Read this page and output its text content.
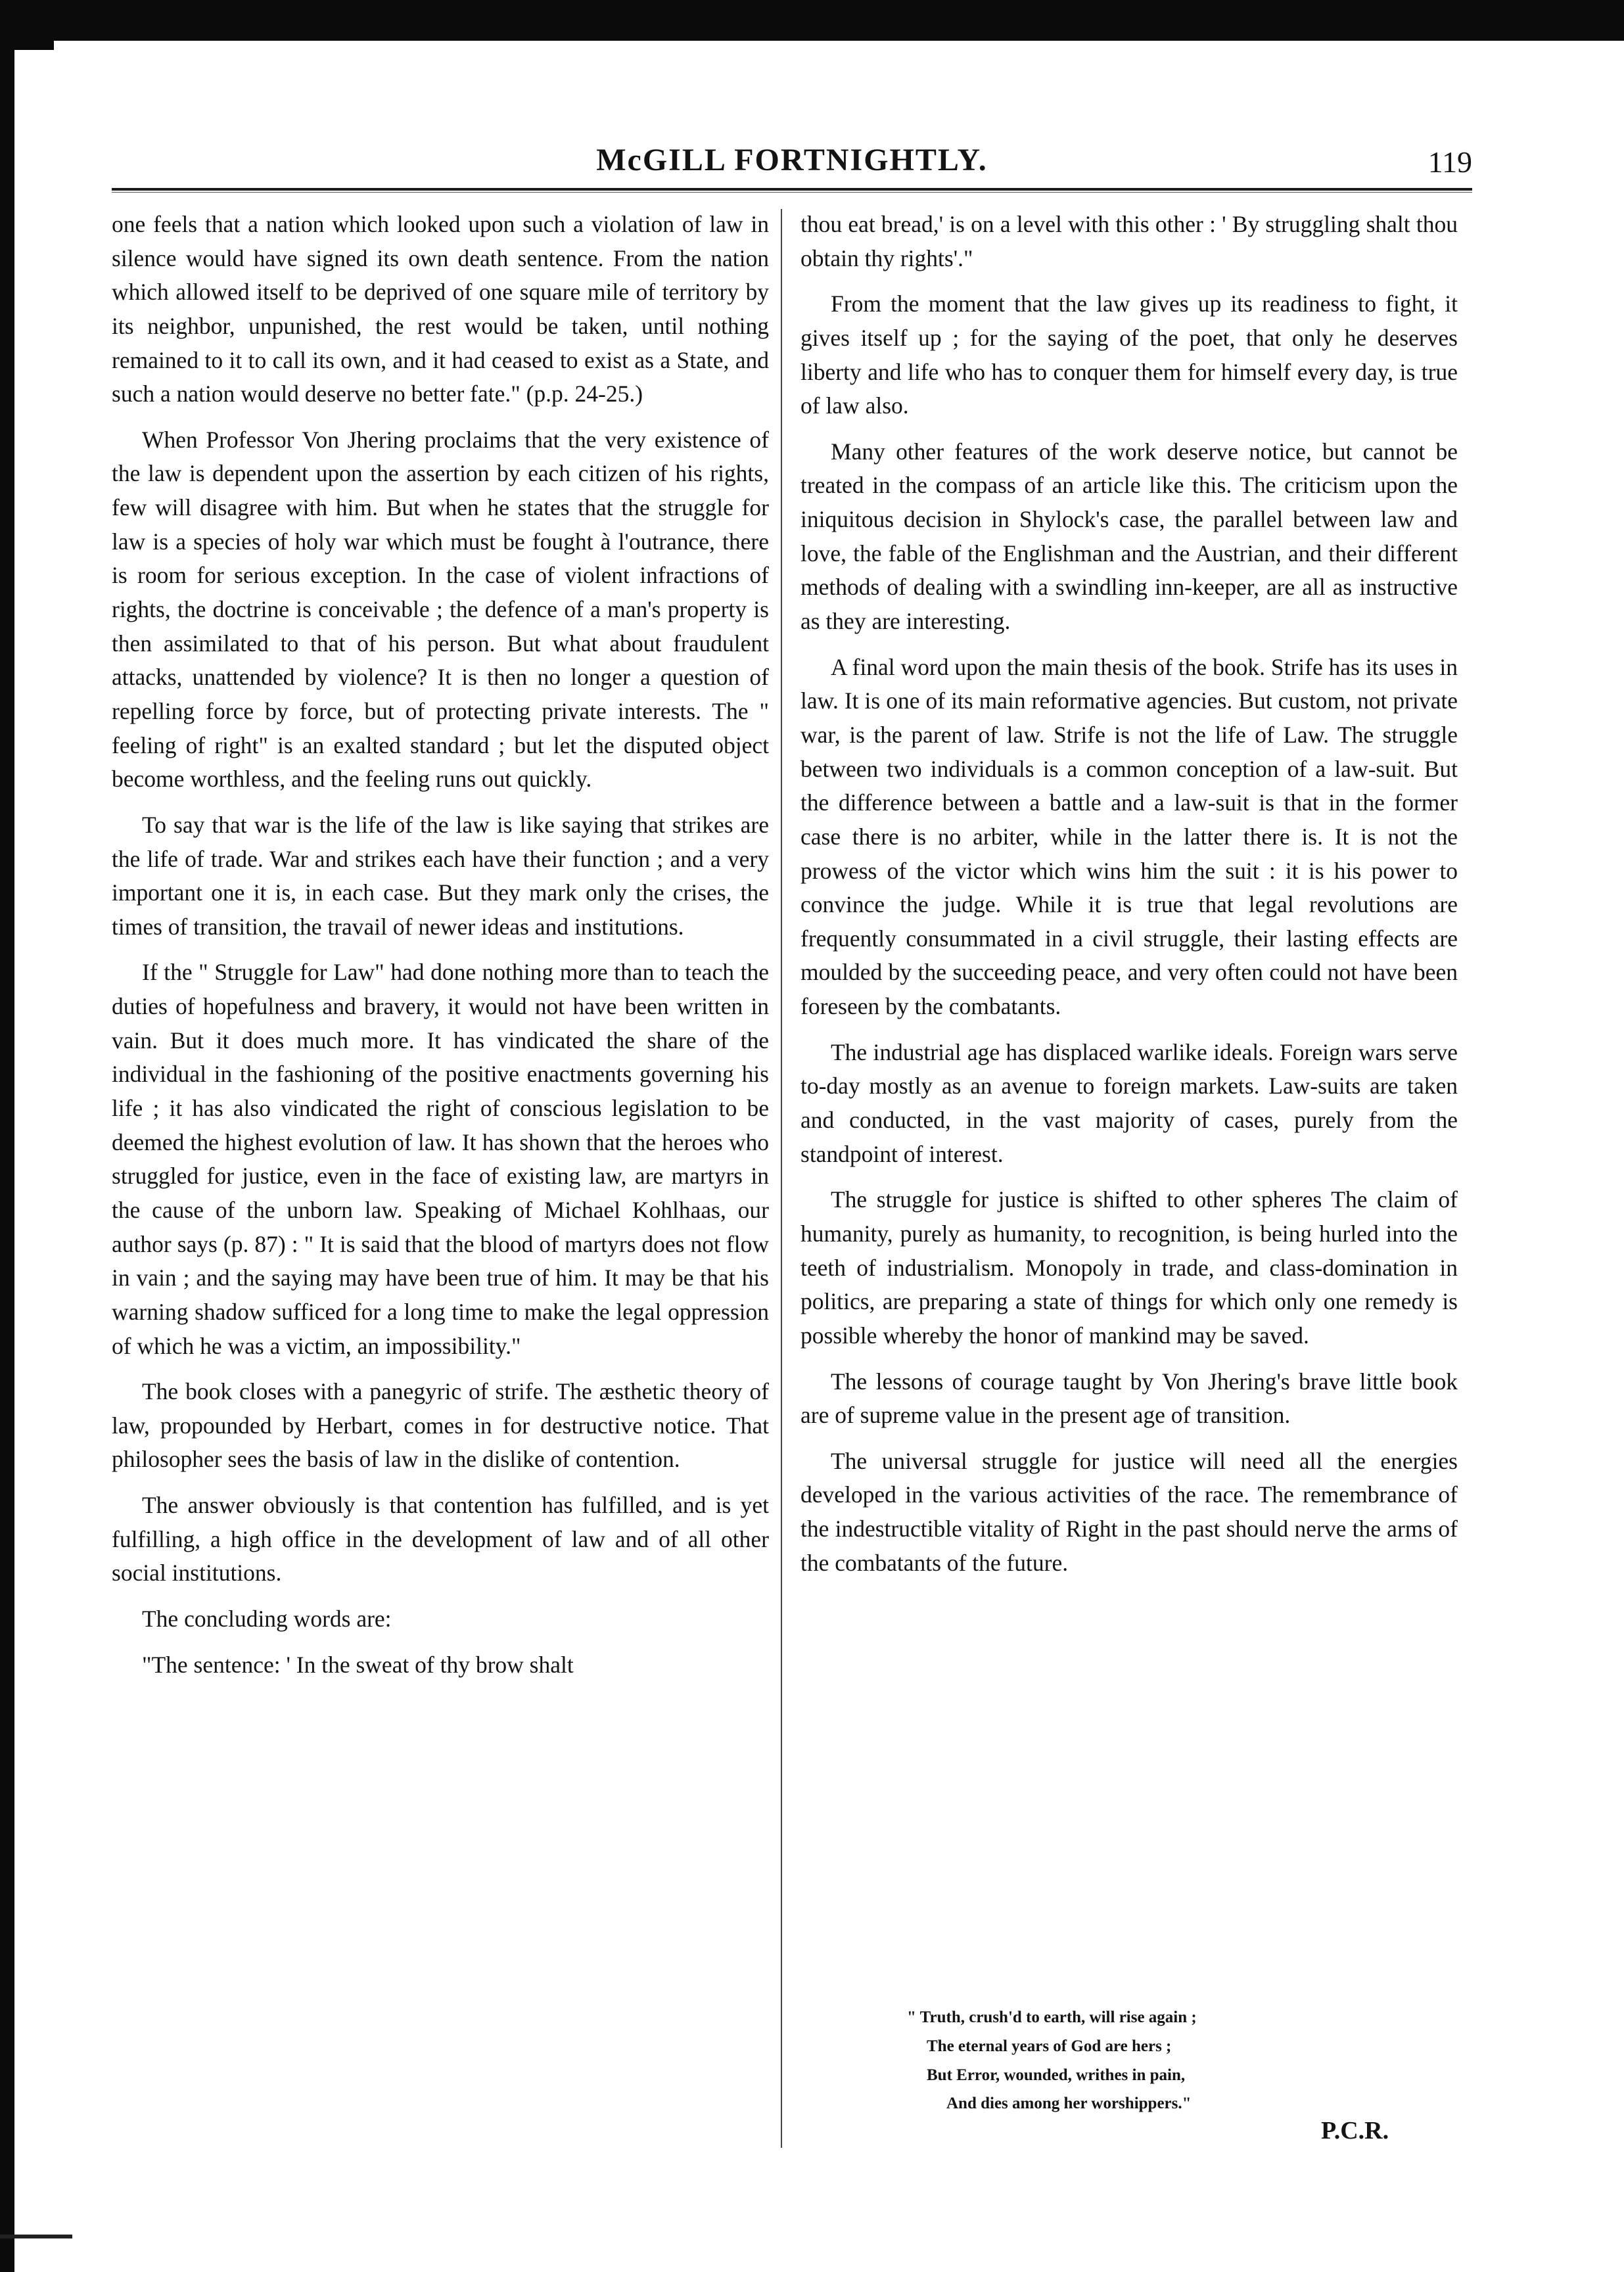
McGILL FORTNIGHTLY.	119

one feels that a nation which looked upon such a violation of law in silence would have signed its own death sentence. From the nation which allowed itself to be deprived of one square mile of territory by its neighbor, unpunished, the rest would be taken, until nothing remained to it to call its own, and it had ceased to exist as a State, and such a nation would deserve no better fate." (p.p. 24-25.)

When Professor Von Jhering proclaims that the very existence of the law is dependent upon the assertion by each citizen of his rights, few will disagree with him. But when he states that the struggle for law is a species of holy war which must be fought à l'outrance, there is room for serious exception. In the case of violent infractions of rights, the doctrine is conceivable ; the defence of a man's property is then assimilated to that of his person. But what about fraudulent attacks, unattended by violence? It is then no longer a question of repelling force by force, but of protecting private interests. The " feeling of right" is an exalted standard ; but let the disputed object become worthless, and the feeling runs out quickly.

To say that war is the life of the law is like saying that strikes are the life of trade. War and strikes each have their function ; and a very important one it is, in each case. But they mark only the crises, the times of transition, the travail of newer ideas and institutions.

If the " Struggle for Law" had done nothing more than to teach the duties of hopefulness and bravery, it would not have been written in vain. But it does much more. It has vindicated the share of the individual in the fashioning of the positive enactments governing his life ; it has also vindicated the right of conscious legislation to be deemed the highest evolution of law. It has shown that the heroes who struggled for justice, even in the face of existing law, are martyrs in the cause of the unborn law. Speaking of Michael Kohlhaas, our author says (p. 87) : " It is said that the blood of martyrs does not flow in vain ; and the saying may have been true of him. It may be that his warning shadow sufficed for a long time to make the legal oppression of which he was a victim, an impossibility."

The book closes with a panegyric of strife. The æsthetic theory of law, propounded by Herbart, comes in for destructive notice. That philosopher sees the basis of law in the dislike of contention.

The answer obviously is that contention has fulfilled, and is yet fulfilling, a high office in the development of law and of all other social institutions.

The concluding words are:

"The sentence: ' In the sweat of thy brow shalt

thou eat bread,' is on a level with this other : ' By struggling shalt thou obtain thy rights'."

From the moment that the law gives up its readiness to fight, it gives itself up ; for the saying of the poet, that only he deserves liberty and life who has to conquer them for himself every day, is true of law also.

Many other features of the work deserve notice, but cannot be treated in the compass of an article like this. The criticism upon the iniquitous decision in Shylock's case, the parallel between law and love, the fable of the Englishman and the Austrian, and their different methods of dealing with a swindling inn-keeper, are all as instructive as they are interesting.

A final word upon the main thesis of the book. Strife has its uses in law. It is one of its main reformative agencies. But custom, not private war, is the parent of law. Strife is not the life of Law. The struggle between two individuals is a common conception of a law-suit. But the difference between a battle and a law-suit is that in the former case there is no arbiter, while in the latter there is. It is not the prowess of the victor which wins him the suit : it is his power to convince the judge. While it is true that legal revolutions are frequently consummated in a civil struggle, their lasting effects are moulded by the succeeding peace, and very often could not have been foreseen by the combatants.

The industrial age has displaced warlike ideals. Foreign wars serve to-day mostly as an avenue to foreign markets. Law-suits are taken and conducted, in the vast majority of cases, purely from the standpoint of interest.

The struggle for justice is shifted to other spheres The claim of humanity, purely as humanity, to recognition, is being hurled into the teeth of industrialism. Monopoly in trade, and class-domination in politics, are preparing a state of things for which only one remedy is possible whereby the honor of mankind may be saved.

The lessons of courage taught by Von Jhering's brave little book are of supreme value in the present age of transition.

The universal struggle for justice will need all the energies developed in the various activities of the race. The remembrance of the indestructible vitality of Right in the past should nerve the arms of the combatants of the future.

" Truth, crush'd to earth, will rise again ;
The eternal years of God are hers ;
But Error, wounded, writhes in pain,
And dies among her worshippers."
P.C.R.
